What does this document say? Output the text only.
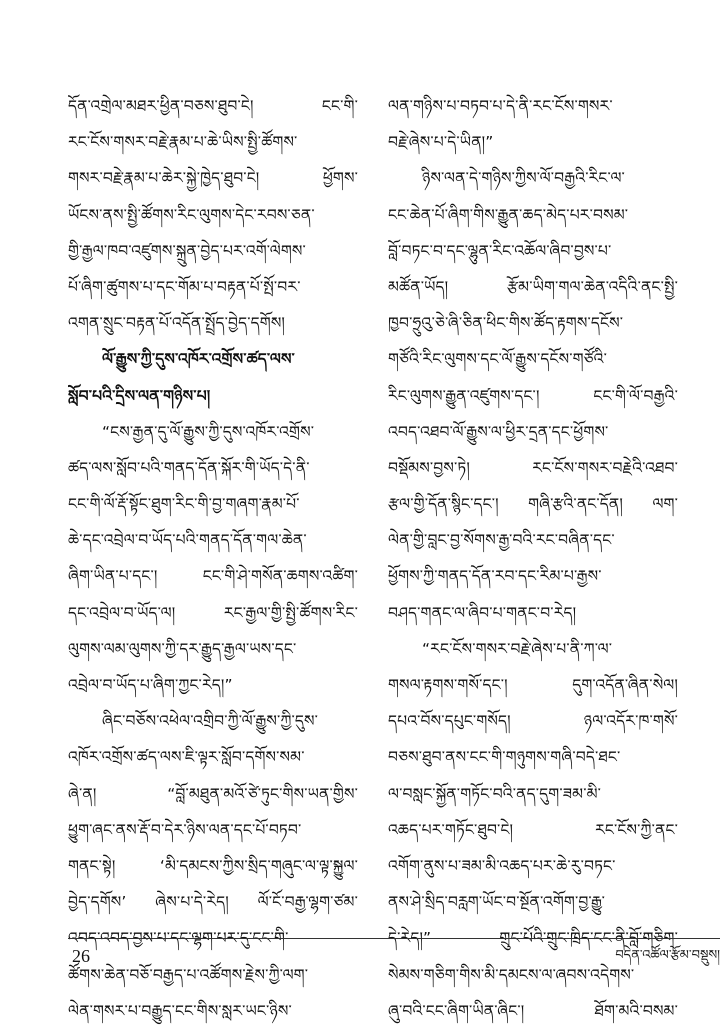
དོན་འགྲེལ་མཐར་ཕྱིན་བཅས་ཐུབ་ངེ། ངང་གི་
རང་ངོས་གསར་བརྗེ་རྣམ་པ་ཆེ་ཡིས་སྤྱི་ཚོགས་
གསར་བརྗེ་རྣམ་པ་ཆེར་སྐྱེ་ཁྱེད་ཐུབ་ངེ། ཕྱོགས་
ཡོངས་ནས་སྤྱི་ཚོགས་རིང་ལུགས་དེང་རབས་ཅན་
གྱི་རྒྱལ་ཁབ་འཛུགས་སྐྲུན་བྱེད་པར་འགོ་ལེགས་
པོ་ཞིག་ཚུགས་པ་དང་གོམ་པ་བརྟན་པོ་སྤོ་བར་
འགན་སྲུང་བརྟན་པོ་འདོན་སྤྲོད་བྱེད་དགོས།
ལོ་རྒྱུས་ཀྱི་དུས་འཁོར་འགྲོས་ཚད་ལས་
སློབ་པའི་དྲིས་ལན་གཉིས་པ།
“ངས་རྒྱན་དུ་ལོ་རྒྱུས་ཀྱི་དུས་འཁོར་འགྲོས་
ཚད་ལས་སློབ་པའི་གནད་དོན་སྐོར་གི་ཡོད་དེ་ནི་
ངང་གི་ལོ་རྡོ་སྟོང་ཐུག་རིང་གི་བྱ་གཞག་རྣམ་པོ་
ཆེ་དང་འབྲེལ་བ་ཡོད་པའི་གནད་དོན་གལ་ཆེན་
ཞིག་ཡིན་པ་དང་། ངང་གི་ཤེ་གསོན་ཆགས་འཚིག་
དང་འབྲེལ་བ་ཡོད་ལ། རང་རྒྱལ་གྱི་སྤྱི་ཚོགས་རིང་
ལུགས་ལམ་ལུགས་ཀྱི་དར་རྒྱུད་རྒྱལ་ཡས་དང་
འབྲེལ་བ་ཡོད་པ་ཞིག་ཀྱང་རེད།”
ཞིང་བཅོས་འཕེལ་འགྲིབ་ཀྱི་ལོ་རྒྱུས་ཀྱི་དུས་
འཁོར་འགྲོས་ཚད་ལས་ཇི་ལྟར་སློབ་དགོས་སམ་
ཞེ་ན། “བློ་མཐུན་མའོ་ཙེ་ཏུང་གིས་ཡན་གྱིས་
ཕྱུག་ཞང་ནས་རྡོ་བ་དེར་ཉིས་ལན་དང་པོ་བཏབ་
གནང་སྟེ། ‘མི་དམངས་ཀྱིས་སྲིད་གཞུང་ལ་ལྟ་སྐྱུལ་
བྱེད་དགོས’ ཞེས་པ་དེ་རེད། ལོ་ངོ་བརྒྱ་ལྷག་ཙམ་
འབད་འབད་བྱས་པ་དང་ལྷག་པར་དུ་ངང་གི་
ཚོགས་ཆེན་བཅོ་བརྒྱད་པ་འཚོགས་རྗེས་ཀྱི་ལག་
ལེན་གསར་པ་བརྒྱུད་ངང་གིས་སླར་ཡང་ཉིས་
ལན་གཉིས་པ་བཏབ་པ་དེ་ནི་རང་ངོས་གསར་
བརྗེ་ཞེས་པ་དེ་ཡིན།”
ཉིས་ལན་དེ་གཉིས་ཀྱིས་ལོ་བརྒྱའི་རིང་ལ་
ངང་ཆེན་པོ་ཞིག་གིས་རྒྱུན་ཆད་མེད་པར་བསམ་
བློ་བཏང་བ་དང་ལྷུན་རིང་འཆོལ་ཞིབ་བྱས་པ་
མཚོན་ཡོད། རྩོམ་ཡིག་གལ་ཆེན་འདིའི་ནང་སྤྱི་
ཁྱབ་ཧྲུའུ་ཅེ་ཞི་ཅིན་ཕིང་གིས་ཚོད་རྟགས་དངོས་
གཙོའི་རིང་ལུགས་དང་ལོ་རྒྱུས་དངོས་གཙོའི་
རིང་ལུགས་རྒྱུན་འཛུགས་དང་། ངང་གི་ལོ་བརྒྱའི་
འབད་འཐབ་ལོ་རྒྱུས་ལ་ཕྱིར་དྲན་དང་ཕྱོགས་
བསྡོམས་བྱས་ཏེ། རང་ངོས་གསར་བརྗེའི་འཐབ་
རྩལ་གྱི་དོན་སྙིང་དང་། གཞི་རྩའི་ནང་དོན། ལག་
ལེན་གྱི་བླང་བྱ་སོགས་རྒྱ་བའི་རང་བཞིན་དང་
ཕྱོགས་ཀྱི་གནད་དོན་རབ་དང་རིམ་པ་རྒྱས་
བཤད་གནང་ལ་ཞིབ་པ་གནང་བ་རེད།
“རང་ངོས་གསར་བརྗེ་ཞེས་པ་ནི་ཀ་ལ་
གསལ་རྟགས་གསོ་དང་། དུག་འདོན་ཞིན་སེལ།
དཔའ་བོས་དཔུང་གསོད། ཉལ་འདོར་ཁ་གསོ་
བཅས་ཐུབ་ནས་ངང་གི་གཉུགས་གཞི་བདེ་ཐང་
ལ་བསླང་སྐྱོན་གཏོང་བའི་ནད་དུག་ཟམ་མི་
འཆད་པར་གཏོང་ཐུབ་ངེ། རང་ངོས་ཀྱི་ནང་
འགོག་ནུས་པ་ཟམ་མི་འཆད་པར་ཆེ་རུ་བཏང་
ནས་ཤེ་སྲིད་བརླག་ཡོང་བ་སྔོན་འགོག་བྱ་རྒྱུ་
དེ་རེད།” གྲུང་པོའི་གྲུང་ཁྲིད་ངང་ནི་བློ་གཅིག་
སེམས་གཅིག་གིས་མི་དམངས་ལ་ཞབས་འདེགས་
ཞུ་བའི་ངང་ཞིག་ཡིན་ཞིང་། ཐོག་མའི་བསམ་
26	བདེན་འཚོལ་རྩོམ་བསྡུས།
